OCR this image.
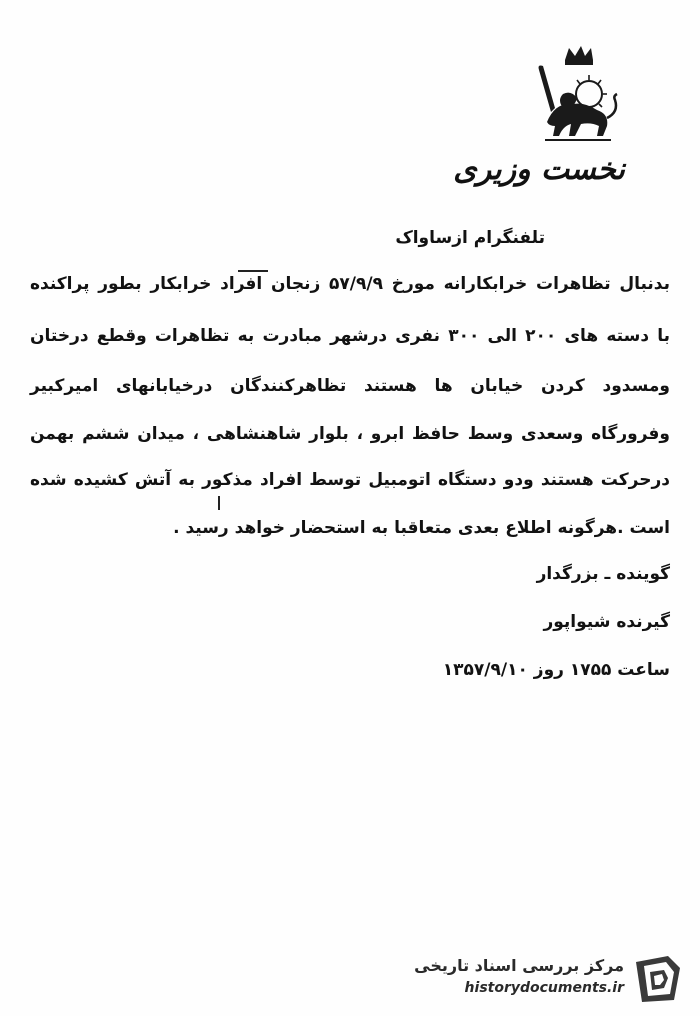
نخست وزیری
تلفنگرام ازساواک
بدنبال تظاهرات خرابکارانه مورخ ۵۷/۹/۹ زنجان افراد خرابکار بطور پراکنده
با دسته های ۲۰۰ الی ۳۰۰ نفری درشهر مبادرت به تظاهرات وقطع درختان
ومسدود کردن خیابان ها هستند تظاهرکنندگان درخیابانهای امیرکبیر
وفرورگاه وسعدی وسط حافظ ابرو ، بلوار شاهنشاهی ، میدان ششم بهمن
درحرکت هستند ودو دستگاه اتومبیل توسط افراد مذکور به آتش کشیده شده
است .هرگونه اطلاع بعدی متعاقبا به استحضار خواهد رسید .
گوینده ـ بزرگدار
گیرنده شیواپور
ساعت ۱۷۵۵ روز ۱۳۵۷/۹/۱۰
مرکز بررسی اسناد تاریخی
historydocuments.ir
